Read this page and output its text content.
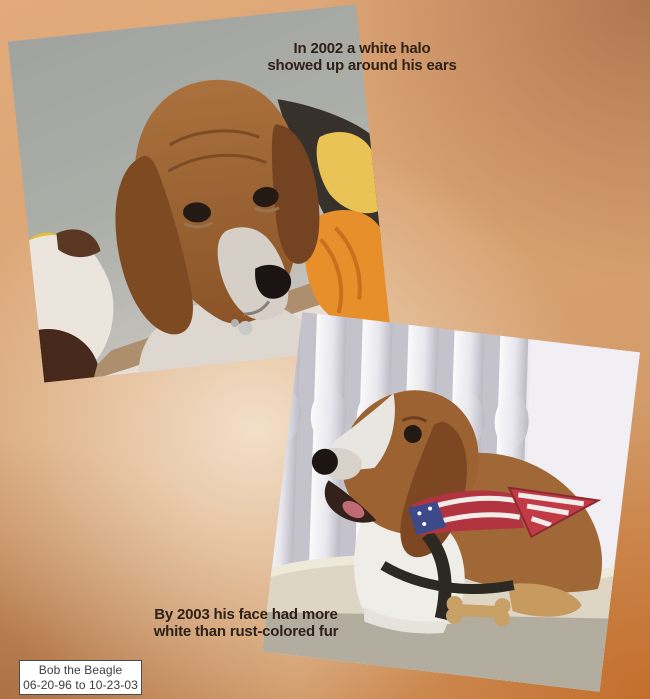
In 2002 a white halo
showed up around his ears
By 2003 his face had more
white than rust-colored fur
Bob the Beagle
06-20-96 to 10-23-03
